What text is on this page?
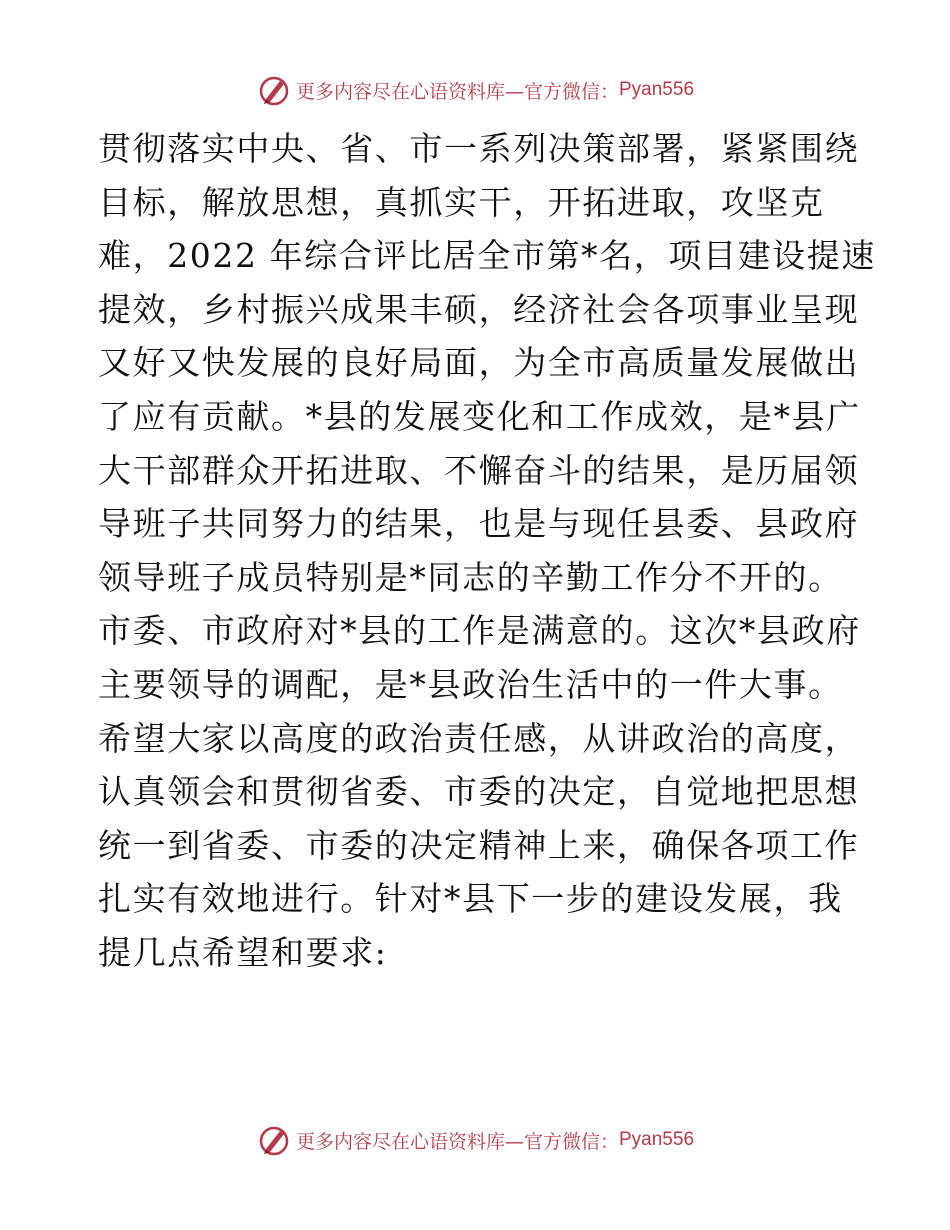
更多内容尽在心语资料库—官方微信： Pyan556
贯彻落实中央、省、市一系列决策部署，紧紧围绕
目标，解放思想，真抓实干，开拓进取，攻坚克
难，2022 年综合评比居全市第*名，项目建设提速
提效，乡村振兴成果丰硕，经济社会各项事业呈现
又好又快发展的良好局面，为全市高质量发展做出
了应有贡献。*县的发展变化和工作成效，是*县广
大干部群众开拓进取、不懈奋斗的结果，是历届领
导班子共同努力的结果，也是与现任县委、县政府
领导班子成员特别是*同志的辛勤工作分不开的。
市委、市政府对*县的工作是满意的。这次*县政府
主要领导的调配，是*县政治生活中的一件大事。
希望大家以高度的政治责任感，从讲政治的高度，
认真领会和贯彻省委、市委的决定，自觉地把思想
统一到省委、市委的决定精神上来，确保各项工作
扎实有效地进行。针对*县下一步的建设发展，我
提几点希望和要求:
更多内容尽在心语资料库—官方微信： Pyan556
